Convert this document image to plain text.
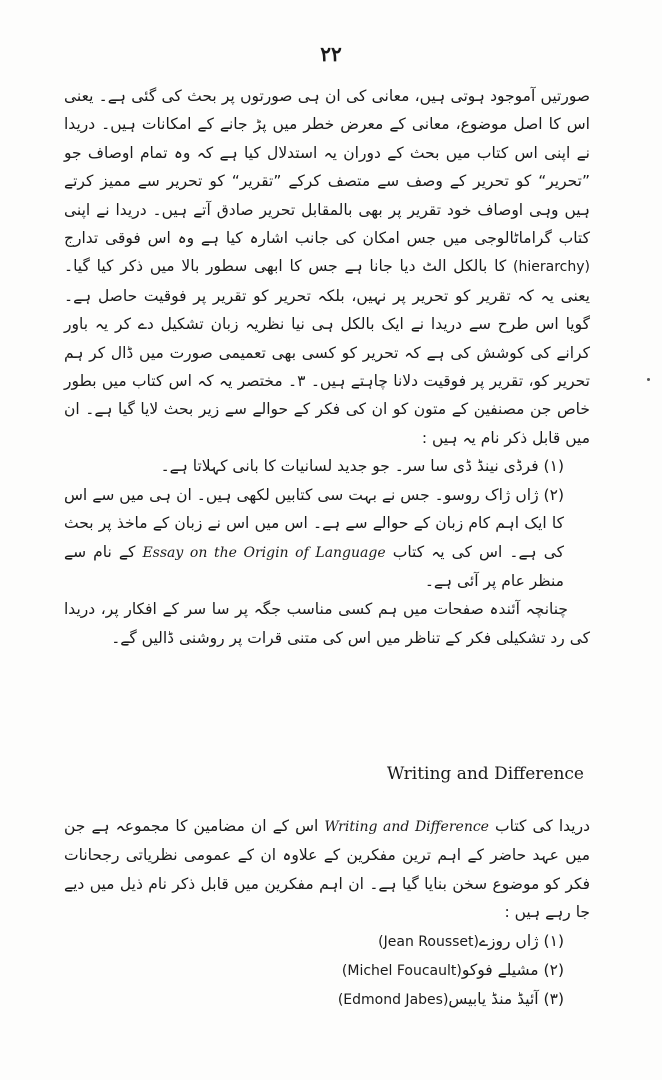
۲۲

صورتیں آموجود ہوتی ہیں، معانی کی ان ہی صورتوں پر بحث کی گئی ہے۔ یعنی اس کا اصل موضوع، معانی کے معرض خطر میں پڑ جانے کے امکانات ہیں۔ دریدا نے اپنی اس کتاب میں بحث کے دوران یہ استدلال کیا ہے کہ وہ تمام اوصاف جو ”تحریر“ کو تحریر کے وصف سے متصف کرکے ”تقریر“ کو تحریر سے ممیز کرتے ہیں وہی اوصاف خود تقریر پر بھی بالمقابل تحریر صادق آتے ہیں۔ دریدا نے اپنی کتاب گراماٹالوجی میں جس امکان کی جانب اشارہ کیا ہے وہ اس فوقی تدارج (hierarchy) کا بالکل الٹ دیا جانا ہے جس کا ابھی سطور بالا میں ذکر کیا گیا۔ یعنی یہ کہ تقریر کو تحریر پر نہیں، بلکہ تحریر کو تقریر پر فوقیت حاصل ہے۔ گویا اس طرح سے دریدا نے ایک بالکل ہی نیا نظریہ زبان تشکیل دے کر یہ باور کرانے کی کوشش کی ہے کہ تحریر کو کسی بھی تعمیمی صورت میں ڈال کر ہم تحریر کو، تقریر پر فوقیت دلانا چاہتے ہیں۔ ۳۔ مختصر یہ کہ اس کتاب میں بطور خاص جن مصنفین کے متون کو ان کی فکر کے حوالے سے زیر بحث لایا گیا ہے۔ ان میں قابل ذکر نام یہ ہیں :

(۱) فرڈی نینڈ ڈی سا سر۔ جو جدید لسانیات کا بانی کہلاتا ہے۔

(۲) ژاں ژاک روسو۔ جس نے بہت سی کتابیں لکھی ہیں۔ ان ہی میں سے اس کا ایک اہم کام زبان کے حوالے سے ہے۔ اس میں اس نے زبان کے ماخذ پر بحث کی ہے۔ اس کی یہ کتاب Essay on the Origin of Language کے نام سے منظر عام پر آئی ہے۔

چنانچہ آئندہ صفحات میں ہم کسی مناسب جگہ پر سا سر کے افکار پر، دریدا کی رد تشکیلی فکر کے تناظر میں اس کی متنی قرات پر روشنی ڈالیں گے۔

Writing and Difference

دریدا کی کتاب Writing and Difference اس کے ان مضامین کا مجموعہ ہے جن میں عہد حاضر کے اہم ترین مفکرین کے علاوہ ان کے عمومی نظریاتی رجحانات فکر کو موضوع سخن بنایا گیا ہے۔ ان اہم مفکرین میں قابل ذکر نام ذیل میں دیے جا رہے ہیں :

(۱) ژاں روزے(Jean Rousset)

(۲) مشیلے فوکو(Michel Foucault)

(۳) آئیڈ منڈ یابیس(Edmond Jabes)
